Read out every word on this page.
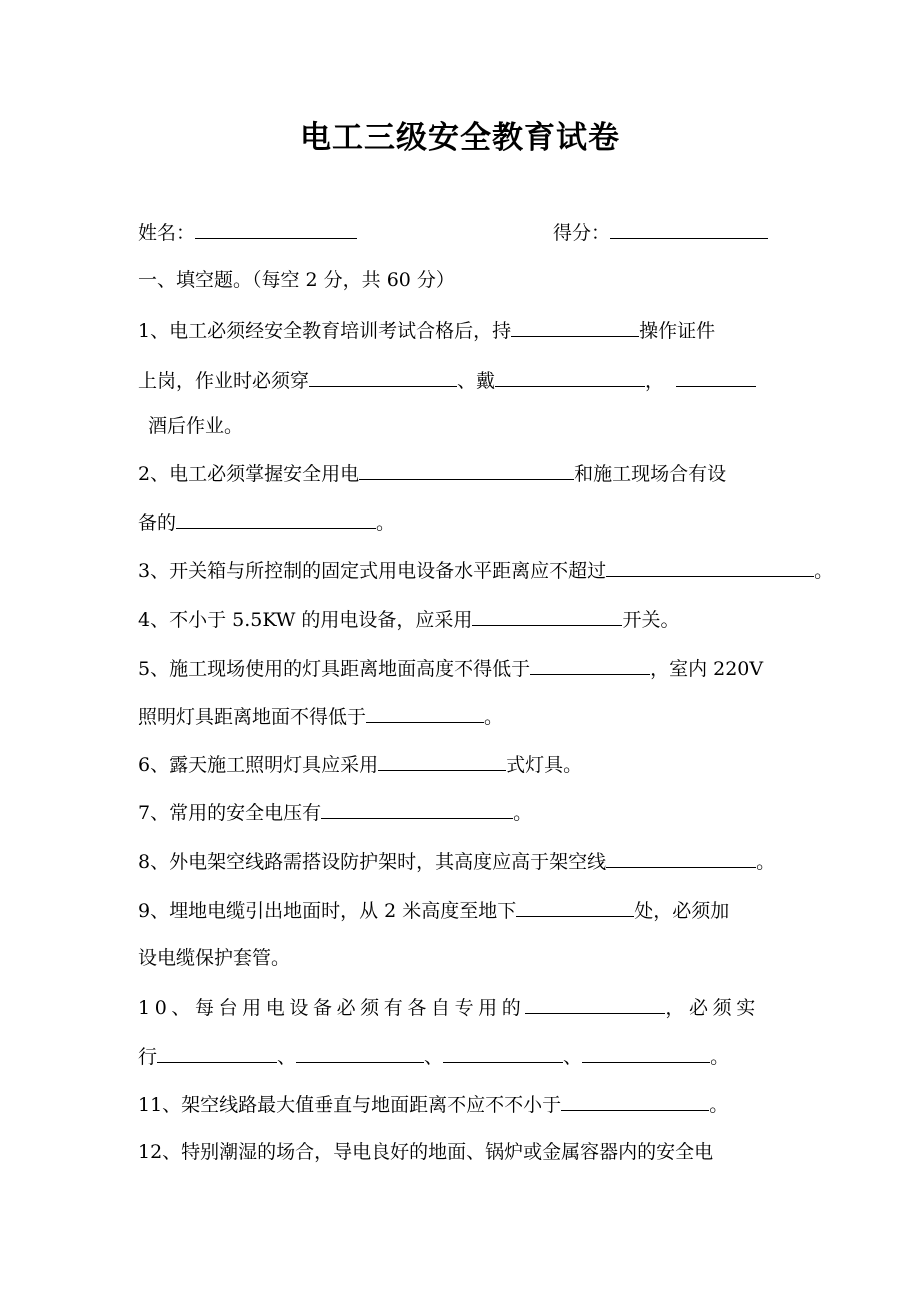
电工三级安全教育试卷
姓名：	得分：
一、填空题。（每空 2 分，共 60 分）
1、电工必须经安全教育培训考试合格后，持	操作证件
上岗，作业时必须穿	、戴	，
酒后作业。
2、电工必须掌握安全用电	和施工现场合有设
备的	。
3、开关箱与所控制的固定式用电设备水平距离应不超过	。
4、不小于 5.5KW 的用电设备，应采用	开关。
5、施工现场使用的灯具距离地面高度不得低于	，室内 220V
照明灯具距离地面不得低于	。
6、露天施工照明灯具应采用	式灯具。
7、常用的安全电压有	。
8、外电架空线路需搭设防护架时，其高度应高于架空线	。
9、埋地电缆引出地面时，从 2 米高度至地下	处，必须加
设电缆保护套管。
10、每台用电设备必须有各自专用的	，必须实
行	、	、	、	。
11、架空线路最大值垂直与地面距离不应不不小于	。
12、特别潮湿的场合，导电良好的地面、锅炉或金属容器内的安全电
